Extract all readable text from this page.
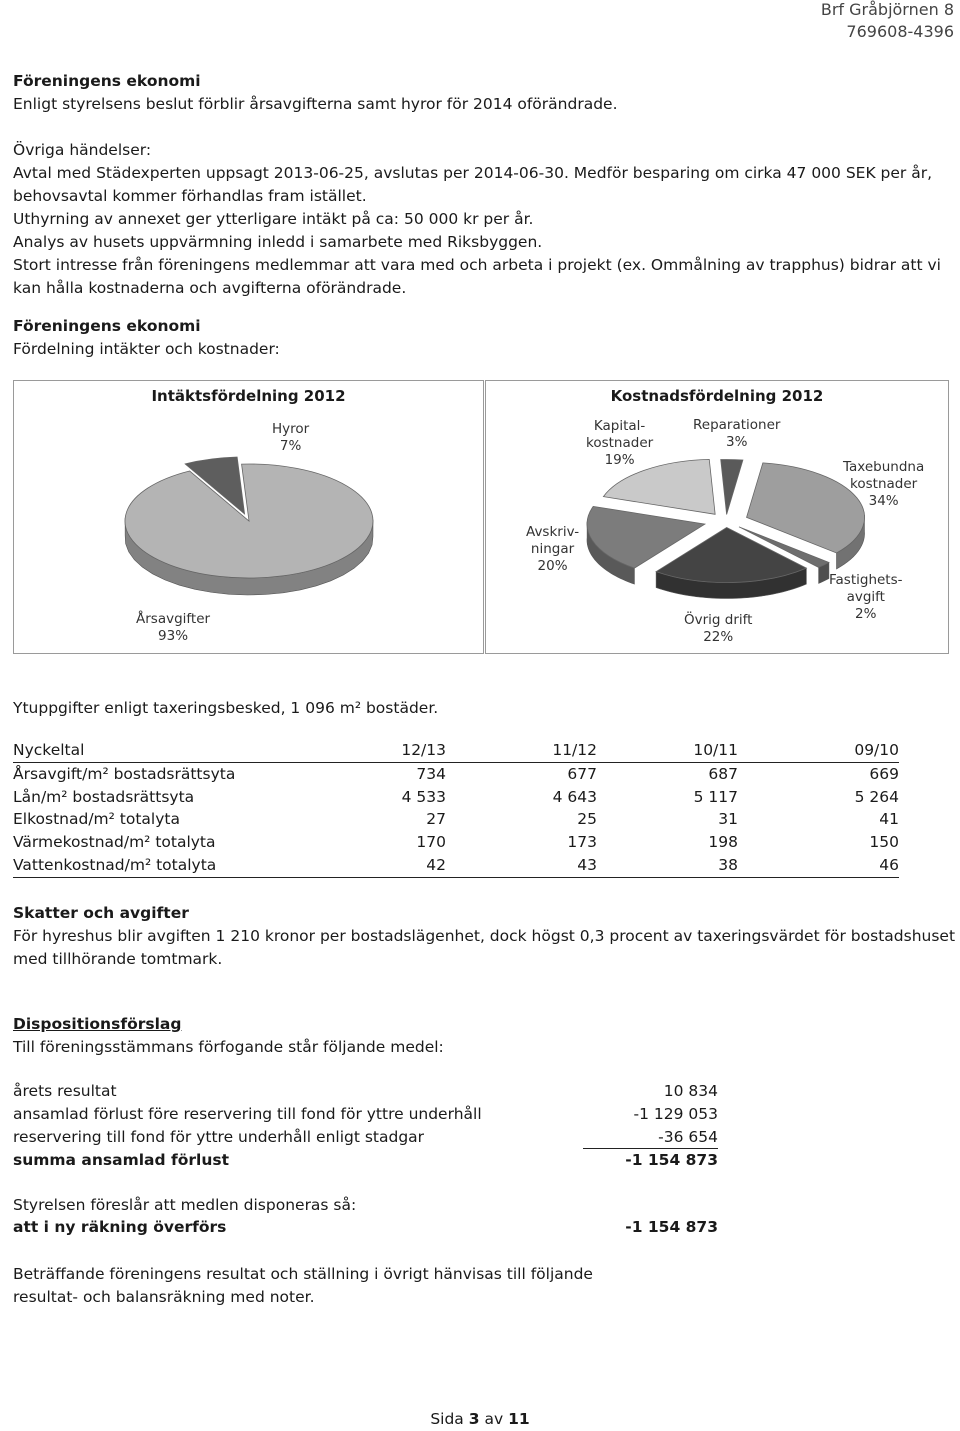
Brf Gråbjörnen 8
769608-4396
Föreningens ekonomi
Enligt styrelsens beslut förblir årsavgifterna samt hyror för 2014 oförändrade.
Övriga händelser:
Avtal med Städexperten uppsagt 2013-06-25, avslutas per 2014-06-30. Medför besparing om cirka 47 000 SEK per år,
behovsavtal kommer förhandlas fram istället.
Uthyrning av annexet ger ytterligare intäkt på ca: 50 000 kr per år.
Analys av husets uppvärmning inledd i samarbete med Riksbyggen.
Stort intresse från föreningens medlemmar att vara med och arbeta i projekt (ex. Ommålning av trapphus) bidrar att vi
kan hålla kostnaderna och avgifterna oförändrade.
Föreningens ekonomi
Fördelning intäkter och kostnader:
Intäktsfördelning 2012
Hyror
7%
Årsavgifter
93%
Kostnadsfördelning 2012
Kapital-
kostnader
19%
Reparationer
3%
Taxebundna
kostnader
34%
Avskriv-
ningar
20%
Fastighets-
avgift
2%
Övrig drift
22%
Ytuppgifter enligt taxeringsbesked, 1 096 m² bostäder.
Nyckeltal	12/13	11/12	10/11	09/10
Årsavgift/m² bostadsrättsyta	734	677	687	669
Lån/m² bostadsrättsyta	4 533	4 643	5 117	5 264
Elkostnad/m² totalyta	27	25	31	41
Värmekostnad/m² totalyta	170	173	198	150
Vattenkostnad/m² totalyta	42	43	38	46
Skatter och avgifter
För hyreshus blir avgiften 1 210 kronor per bostadslägenhet, dock högst 0,3 procent av taxeringsvärdet för bostadshuset
med tillhörande tomtmark.
Dispositionsförslag
Till föreningsstämmans förfogande står följande medel:
årets resultat	10 834
ansamlad förlust före reservering till fond för yttre underhåll	-1 129 053
reservering till fond för yttre underhåll enligt stadgar	-36 654
summa ansamlad förlust	-1 154 873
Styrelsen föreslår att medlen disponeras så:
att i ny räkning överförs	-1 154 873
Beträffande föreningens resultat och ställning i övrigt hänvisas till följande
resultat- och balansräkning med noter.
Sida 3 av 11
